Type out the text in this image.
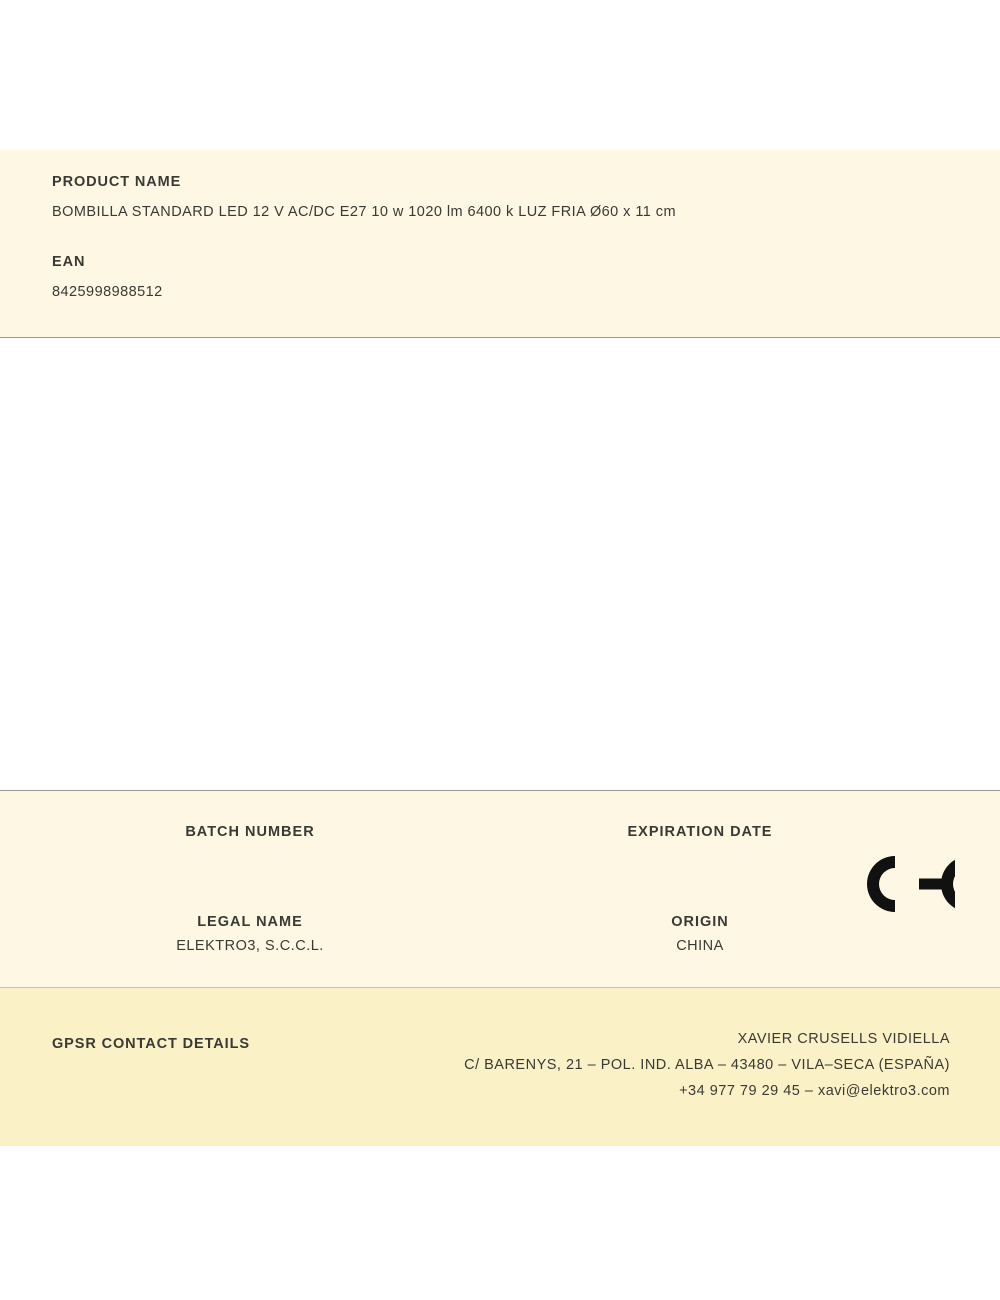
PRODUCT NAME

BOMBILLA STANDARD LED 12 V AC/DC E27 10 w 1020 lm 6400 k LUZ FRIA Ø60 x 11 cm

EAN

8425998988512

BATCH NUMBER	EXPIRATION DATE

LEGAL NAME

ELEKTRO3, S.C.C.L.

ORIGIN

CHINA

GPSR CONTACT DETAILS	XAVIER CRUSELLS VIDIELLA
C/ BARENYS, 21 – POL. IND. ALBA – 43480 – VILA–SECA (ESPAÑA)
+34 977 79 29 45 – xavi@elektro3.com
